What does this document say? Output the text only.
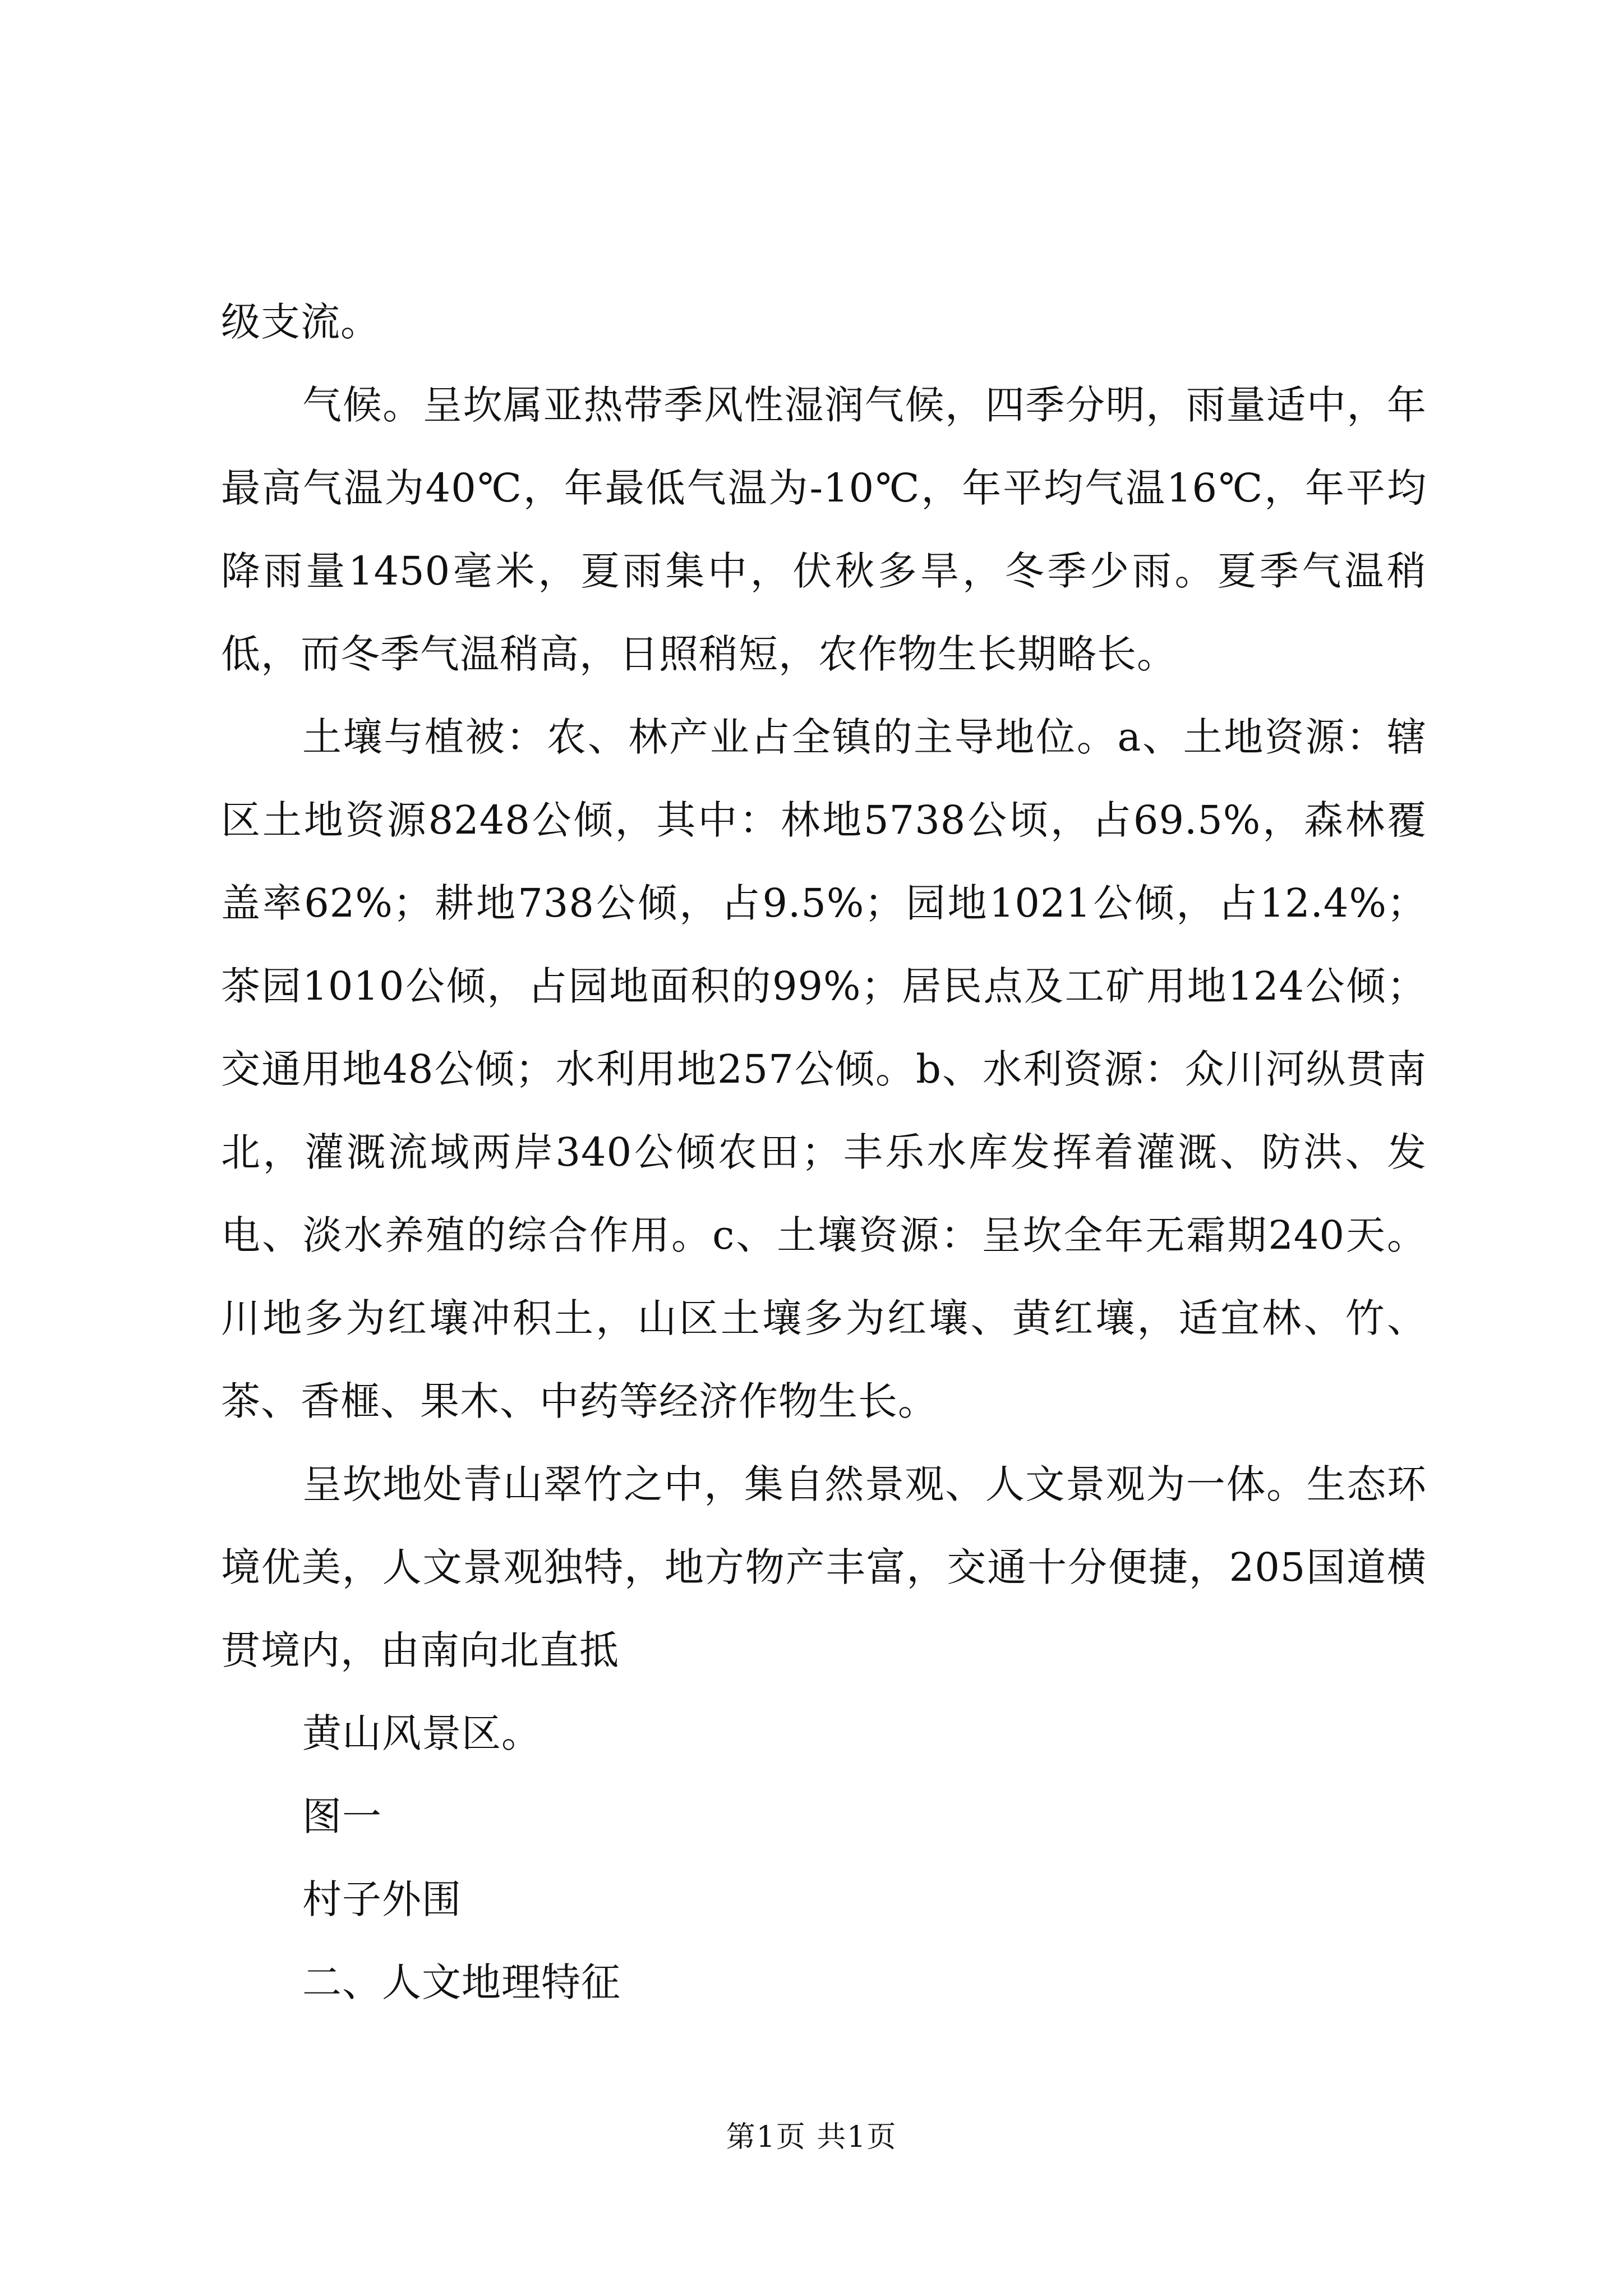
级支流。

气候。呈坎属亚热带季风性湿润气候，四季分明，雨量适中，年最高气温为40℃，年最低气温为-10℃，年平均气温16℃，年平均降雨量1450毫米，夏雨集中，伏秋多旱，冬季少雨。夏季气温稍低，而冬季气温稍高，日照稍短，农作物生长期略长。

土壤与植被：农、林产业占全镇的主导地位。a、土地资源：辖区土地资源8248公倾，其中：林地5738公顷，占69.5%，森林覆盖率62%；耕地738公倾，占9.5%；园地1021公倾，占12.4%；茶园1010公倾，占园地面积的99%；居民点及工矿用地124公倾；交通用地48公倾；水利用地257公倾。b、水利资源：众川河纵贯南北，灌溉流域两岸340公倾农田；丰乐水库发挥着灌溉、防洪、发电、淡水养殖的综合作用。c、土壤资源：呈坎全年无霜期240天。川地多为红壤冲积土，山区土壤多为红壤、黄红壤，适宜林、竹、茶、香榧、果木、中药等经济作物生长。

呈坎地处青山翠竹之中，集自然景观、人文景观为一体。生态环境优美，人文景观独特，地方物产丰富，交通十分便捷，205国道横贯境内，由南向北直抵

黄山风景区。

图一

村子外围

二、人文地理特征

第1页 共1页
